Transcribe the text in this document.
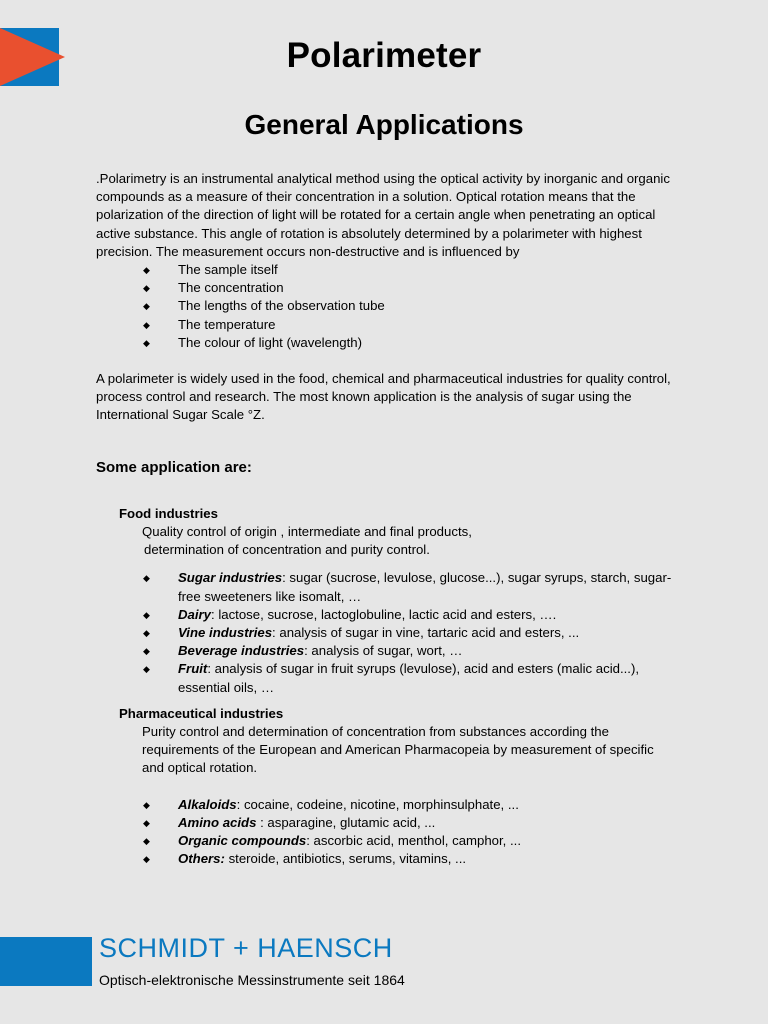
Polarimeter
General Applications

.Polarimetry is an instrumental analytical method using the optical activity by inorganic and organic compounds as a measure of their concentration in a solution. Optical rotation means that the polarization of the direction of light will be rotated for a certain angle when penetrating an optical active substance. This angle of rotation is absolutely determined by a polarimeter with highest precision. The measurement occurs non-destructive and is influenced by

◆ The sample itself
◆ The concentration
◆ The lengths of the observation tube
◆ The temperature
◆ The colour of light (wavelength)

A polarimeter is widely used in the food, chemical and pharmaceutical industries for quality control, process control and research. The most known application is the analysis of sugar using the International Sugar Scale °Z.

Some application are:
Food industries
Quality control of origin , intermediate and final products,
determination of concentration and purity control.
◆ Sugar industries: sugar (sucrose, levulose, glucose...), sugar syrups, starch, sugar-free sweeteners like isomalt, …
◆ Dairy: lactose, sucrose, lactoglobuline, lactic acid and esters, ….
◆ Vine industries: analysis of sugar in vine, tartaric acid and esters, ...
◆ Beverage industries: analysis of sugar, wort, …
◆ Fruit: analysis of sugar in fruit syrups (levulose), acid and esters (malic acid...), essential oils, …
Pharmaceutical industries
Purity control and determination of concentration from substances according the requirements of the European and American Pharmacopeia by measurement of specific and optical rotation.
◆ Alkaloids: cocaine, codeine, nicotine, morphinsulphate, ...
◆ Amino acids : asparagine, glutamic acid, ...
◆ Organic compounds: ascorbic acid, menthol, camphor, ...
◆ Others: steroide, antibiotics, serums, vitamins, ...
SCHMIDT + HAENSCH
Optisch-elektronische Messinstrumente seit 1864
